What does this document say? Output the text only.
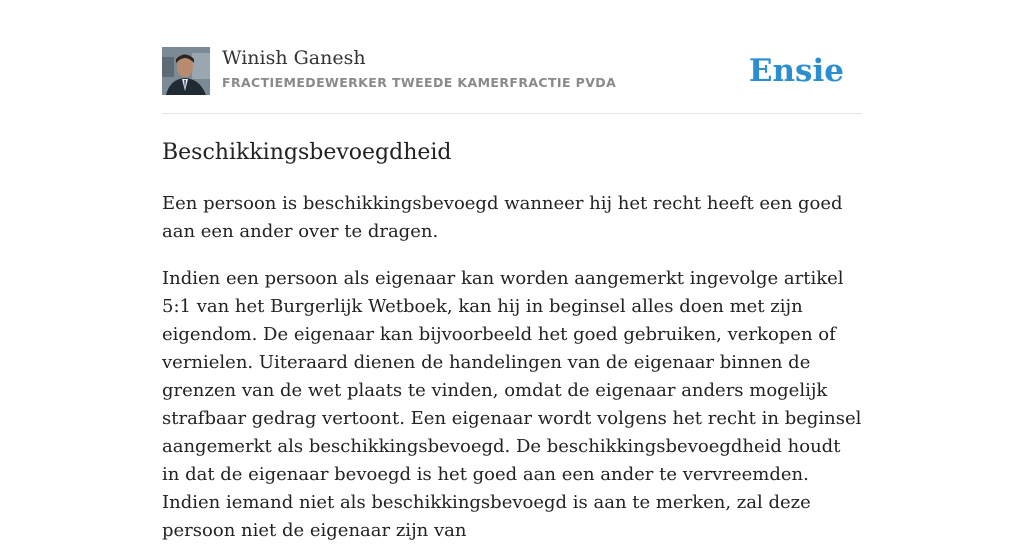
Winish Ganesh
FRACTIEMEDEWERKER TWEEDE KAMERFRACTIE PVDA	Ensie
Beschikkingsbevoegdheid

Een persoon is beschikkingsbevoegd wanneer hij het recht heeft een goed aan een ander over te dragen.

Indien een persoon als eigenaar kan worden aangemerkt ingevolge artikel 5:1 van het Burgerlijk Wetboek, kan hij in beginsel alles doen met zijn eigendom. De eigenaar kan bijvoorbeeld het goed gebruiken, verkopen of vernielen. Uiteraard dienen de handelingen van de eigenaar binnen de grenzen van de wet plaats te vinden, omdat de eigenaar anders mogelijk strafbaar gedrag vertoont. Een eigenaar wordt volgens het recht in beginsel aangemerkt als beschikkingsbevoegd. De beschikkingsbevoegdheid houdt in dat de eigenaar bevoegd is het goed aan een ander te vervreemden. Indien iemand niet als beschikkingsbevoegd is aan te merken, zal deze persoon niet de eigenaar zijn van
